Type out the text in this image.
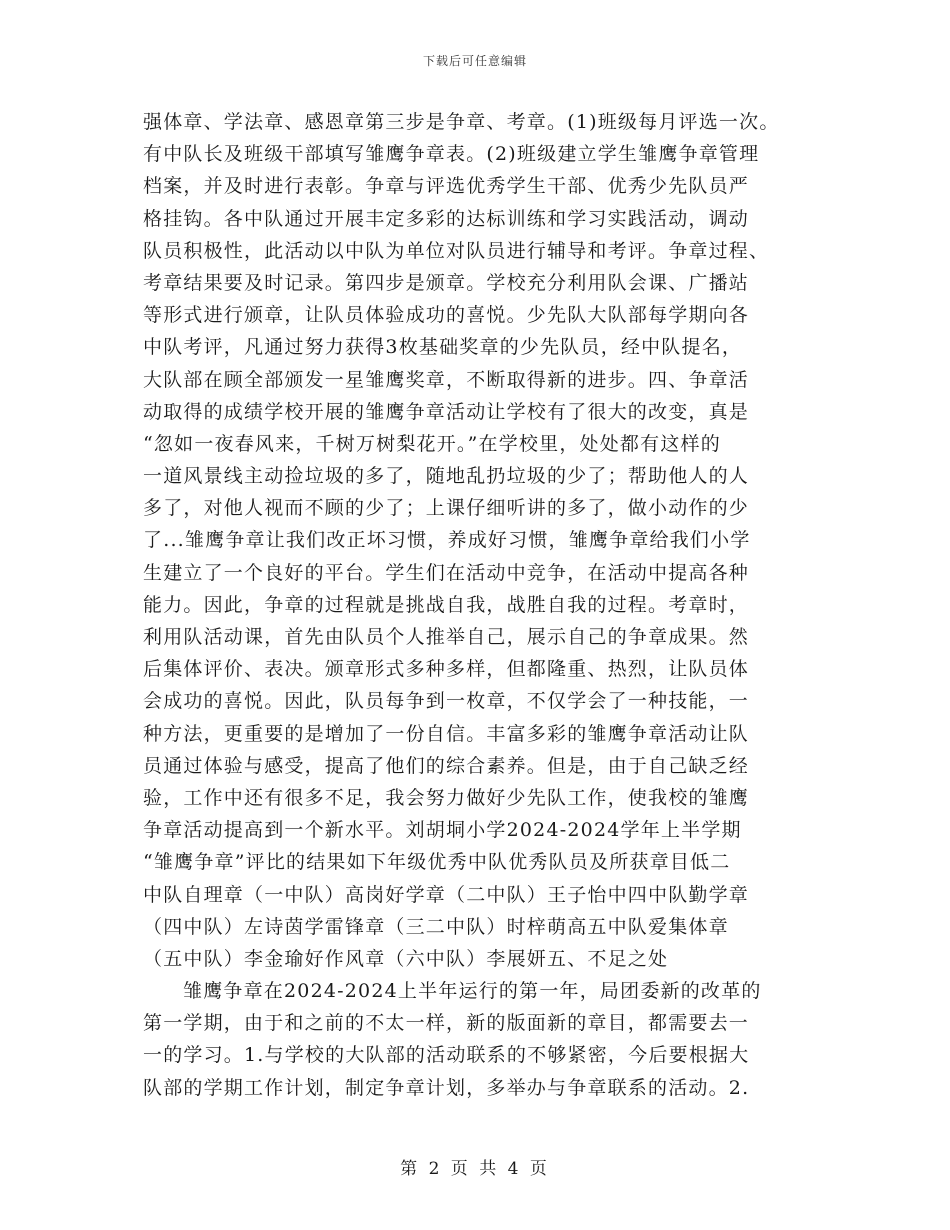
下载后可任意编辑
强体章、学法章、感恩章第三步是争章、考章。(1)班级每月评选一次。
有中队长及班级干部填写雏鹰争章表。(2)班级建立学生雏鹰争章管理
档案，并及时进行表彰。争章与评选优秀学生干部、优秀少先队员严
格挂钩。各中队通过开展丰定多彩的达标训练和学习实践活动，调动
队员积极性，此活动以中队为单位对队员进行辅导和考评。争章过程、
考章结果要及时记录。第四步是颁章。学校充分利用队会课、广播站
等形式进行颁章，让队员体验成功的喜悦。少先队大队部每学期向各
中队考评，凡通过努力获得3枚基础奖章的少先队员，经中队提名，
大队部在顾全部颁发一星雏鹰奖章，不断取得新的进步。四、争章活
动取得的成绩学校开展的雏鹰争章活动让学校有了很大的改变，真是
“忽如一夜春风来，千树万树梨花开。”在学校里，处处都有这样的
一道风景线主动捡垃圾的多了，随地乱扔垃圾的少了；帮助他人的人
多了，对他人视而不顾的少了；上课仔细听讲的多了，做小动作的少
了...雏鹰争章让我们改正坏习惯，养成好习惯，雏鹰争章给我们小学
生建立了一个良好的平台。学生们在活动中竞争，在活动中提高各种
能力。因此，争章的过程就是挑战自我，战胜自我的过程。考章时，
利用队活动课，首先由队员个人推举自己，展示自己的争章成果。然
后集体评价、表决。颁章形式多种多样，但都隆重、热烈，让队员体
会成功的喜悦。因此，队员每争到一枚章，不仅学会了一种技能，一
种方法，更重要的是增加了一份自信。丰富多彩的雏鹰争章活动让队
员通过体验与感受，提高了他们的综合素养。但是，由于自己缺乏经
验，工作中还有很多不足，我会努力做好少先队工作，使我校的雏鹰
争章活动提高到一个新水平。刘胡垌小学2024-2024学年上半学期
“雏鹰争章”评比的结果如下年级优秀中队优秀队员及所获章目低二
中队自理章（一中队）高岗好学章（二中队）王子怡中四中队勤学章
（四中队）左诗茵学雷锋章（三二中队）时梓萌高五中队爱集体章
（五中队）李金瑜好作风章（六中队）李展妍五、不足之处
雏鹰争章在2024-2024上半年运行的第一年，局团委新的改革的
第一学期，由于和之前的不太一样，新的版面新的章目，都需要去一
一的学习。1.与学校的大队部的活动联系的不够紧密，今后要根据大
队部的学期工作计划，制定争章计划，多举办与争章联系的活动。2.
第 2 页 共 4 页
